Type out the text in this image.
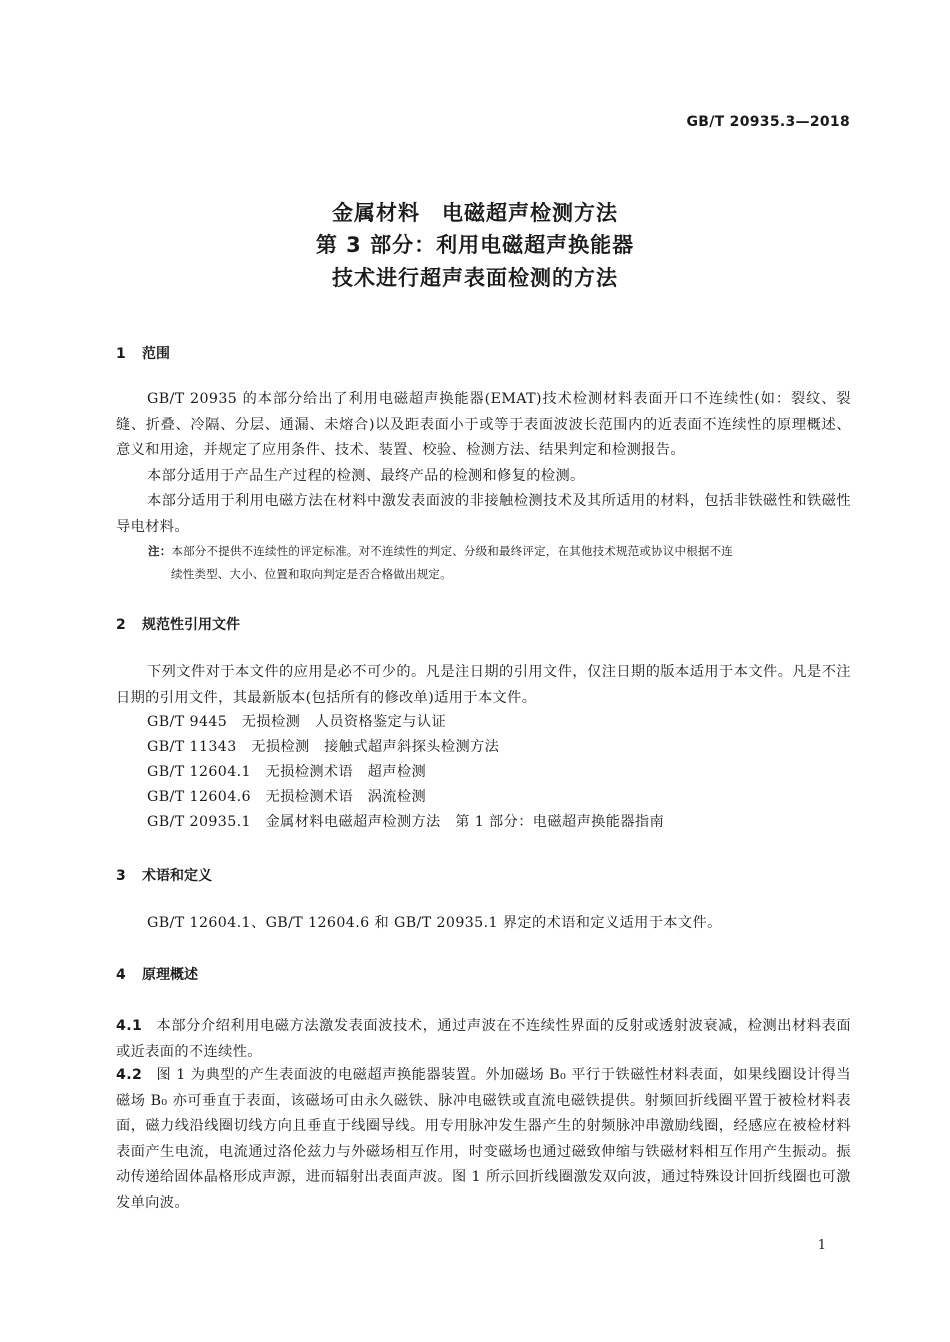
GB/T 20935.3—2018
金属材料　电磁超声检测方法
第 3 部分：利用电磁超声换能器
技术进行超声表面检测的方法
1 范围
GB/T 20935 的本部分给出了利用电磁超声换能器(EMAT)技术检测材料表面开口不连续性(如：裂纹、裂缝、折叠、冷隔、分层、通漏、未熔合)以及距表面小于或等于表面波波长范围内的近表面不连续性的原理概述、意义和用途，并规定了应用条件、技术、装置、校验、检测方法、结果判定和检测报告。
本部分适用于产品生产过程的检测、最终产品的检测和修复的检测。
本部分适用于利用电磁方法在材料中激发表面波的非接触检测技术及其所适用的材料，包括非铁磁性和铁磁性导电材料。
注：本部分不提供不连续性的评定标准。对不连续性的判定、分级和最终评定，在其他技术规范或协议中根据不连
续性类型、大小、位置和取向判定是否合格做出规定。
2 规范性引用文件
下列文件对于本文件的应用是必不可少的。凡是注日期的引用文件，仅注日期的版本适用于本文件。凡是不注日期的引用文件，其最新版本(包括所有的修改单)适用于本文件。
GB/T 9445　无损检测　人员资格鉴定与认证
GB/T 11343　无损检测　接触式超声斜探头检测方法
GB/T 12604.1　无损检测术语　超声检测
GB/T 12604.6　无损检测术语　涡流检测
GB/T 20935.1　金属材料电磁超声检测方法　第 1 部分：电磁超声换能器指南
3 术语和定义
GB/T 12604.1、GB/T 12604.6 和 GB/T 20935.1 界定的术语和定义适用于本文件。
4 原理概述
4.1 本部分介绍利用电磁方法激发表面波技术，通过声波在不连续性界面的反射或透射波衰减，检测出材料表面或近表面的不连续性。
4.2 图 1 为典型的产生表面波的电磁超声换能器装置。外加磁场 B₀ 平行于铁磁性材料表面，如果线圈设计得当磁场 B₀ 亦可垂直于表面，该磁场可由永久磁铁、脉冲电磁铁或直流电磁铁提供。射频回折线圈平置于被检材料表面，磁力线沿线圈切线方向且垂直于线圈导线。用专用脉冲发生器产生的射频脉冲串激励线圈，经感应在被检材料表面产生电流，电流通过洛伦兹力与外磁场相互作用，时变磁场也通过磁致伸缩与铁磁材料相互作用产生振动。振动传递给固体晶格形成声源，进而辐射出表面声波。图 1 所示回折线圈激发双向波，通过特殊设计回折线圈也可激发单向波。
1
